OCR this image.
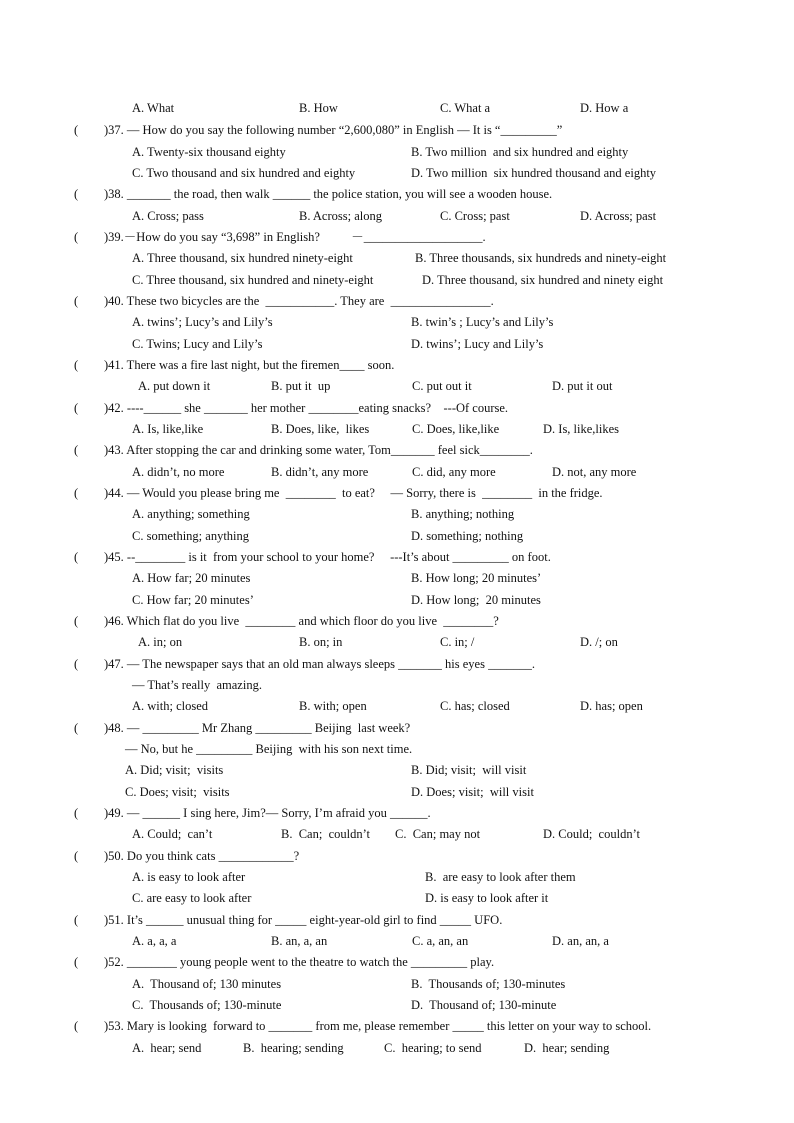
A. What	B. How	C. What a	D. How a
( )37. — How do you say the following number “2,600,080” in English — It is “_________”
A. Twenty-six thousand eighty	B. Two million  and six hundred and eighty
C. Two thousand and six hundred and eighty	D. Two million  six hundred thousand and eighty
( )38. _______ the road, then walk ______ the police station, you will see a wooden house.
A. Cross; pass	B. Across; along	C. Cross; past	D. Across; past
( )39.－How do you say “3,698” in English?          －___________________.
A. Three thousand, six hundred ninety-eight	B. Three thousands, six hundreds and ninety-eight
C. Three thousand, six hundred and ninety-eight	D. Three thousand, six hundred and ninety eight
( )40. These two bicycles are the  ___________. They are  ________________.
A. twins’; Lucy’s and Lily’s	B. twin’s ; Lucy’s and Lily’s
C. Twins; Lucy and Lily’s	D. twins’; Lucy and Lily’s
( )41. There was a fire last night, but the firemen____ soon.
A. put down it	B. put it  up	C. put out it	D. put it out
( )42. ----______ she _______ her mother ________eating snacks?    ---Of course.
A. Is, like,like	B. Does, like,  likes	C. Does, like,like	D. Is, like,likes
( )43. After stopping the car and drinking some water, Tom_______ feel sick________.
A. didn’t, no more	B. didn’t, any more	C. did, any more	D. not, any more
( )44. — Would you please bring me  ________  to eat?     — Sorry, there is  ________  in the fridge.
A. anything; something	B. anything; nothing
C. something; anything	D. something; nothing
( )45. --________ is it  from your school to your home?     ---It’s about _________ on foot.
A. How far; 20 minutes	B. How long; 20 minutes’
C. How far; 20 minutes’	D. How long;  20 minutes
( )46. Which flat do you live  ________ and which floor do you live  ________?
A. in; on	B. on; in	C. in; /	D. /; on
( )47. — The newspaper says that an old man always sleeps _______ his eyes _______.
— That’s really  amazing.
A. with; closed	B. with; open	C. has; closed	D. has; open
( )48. — _________ Mr Zhang _________ Beijing  last week?
— No, but he _________ Beijing  with his son next time.
A. Did; visit;  visits	B. Did; visit;  will visit
C. Does; visit;  visits	D. Does; visit;  will visit
( )49. — ______ I sing here, Jim?— Sorry, I’m afraid you ______.
A. Could;  can’t	B.  Can;  couldn’t C.  Can; may not	D. Could;  couldn’t
( )50. Do you think cats ____________?
A. is easy to look after	B.  are easy to look after them
C. are easy to look after	D. is easy to look after it
( )51. It’s ______ unusual thing for _____ eight-year-old girl to find _____ UFO.
A. a, a, a	B. an, a, an	C. a, an, an	D. an, an, a
( )52. ________ young people went to the theatre to watch the _________ play.
A.  Thousand of; 130 minutes	B.  Thousands of; 130-minutes
C.  Thousands of; 130-minute	D.  Thousand of; 130-minute
( )53. Mary is looking  forward to _______ from me, please remember _____ this letter on your way to school.
A.  hear; send	B.  hearing; sending	C.  hearing; to send	D.  hear; sending
